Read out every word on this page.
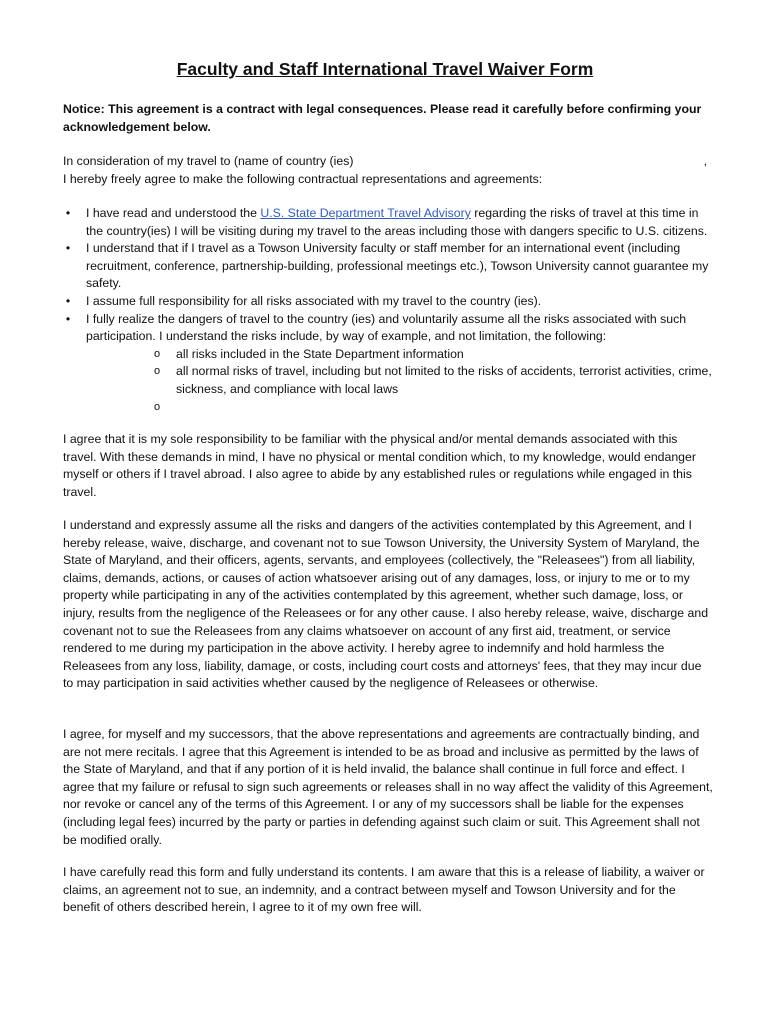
Faculty and Staff International Travel Waiver Form
Notice: This agreement is a contract with legal consequences. Please read it carefully before confirming your acknowledgement below.
In consideration of my travel to (name of country (ies)	,
I hereby freely agree to make the following contractual representations and agreements:
• I have read and understood the U.S. State Department Travel Advisory regarding the risks of travel at this time in the country(ies) I will be visiting during my travel to the areas including those with dangers specific to U.S. citizens.
• I understand that if I travel as a Towson University faculty or staff member for an international event (including recruitment, conference, partnership-building, professional meetings etc.), Towson University cannot guarantee my safety.
• I assume full responsibility for all risks associated with my travel to the country (ies).
• I fully realize the dangers of travel to the country (ies) and voluntarily assume all the risks associated with such participation. I understand the risks include, by way of example, and not limitation, the following:
o all risks included in the State Department information
o all normal risks of travel, including but not limited to the risks of accidents, terrorist activities, crime, sickness, and compliance with local laws
o
I agree that it is my sole responsibility to be familiar with the physical and/or mental demands associated with this travel. With these demands in mind, I have no physical or mental condition which, to my knowledge, would endanger myself or others if I travel abroad. I also agree to abide by any established rules or regulations while engaged in this travel.
I understand and expressly assume all the risks and dangers of the activities contemplated by this Agreement, and I hereby release, waive, discharge, and covenant not to sue Towson University, the University System of Maryland, the State of Maryland, and their officers, agents, servants, and employees (collectively, the "Releasees") from all liability, claims, demands, actions, or causes of action whatsoever arising out of any damages, loss, or injury to me or to my property while participating in any of the activities contemplated by this agreement, whether such damage, loss, or injury, results from the negligence of the Releasees or for any other cause. I also hereby release, waive, discharge and covenant not to sue the Releasees from any claims whatsoever on account of any first aid, treatment, or service rendered to me during my participation in the above activity. I hereby agree to indemnify and hold harmless the Releasees from any loss, liability, damage, or costs, including court costs and attorneys' fees, that they may incur due to may participation in said activities whether caused by the negligence of Releasees or otherwise.
I agree, for myself and my successors, that the above representations and agreements are contractually binding, and are not mere recitals. I agree that this Agreement is intended to be as broad and inclusive as permitted by the laws of the State of Maryland, and that if any portion of it is held invalid, the balance shall continue in full force and effect. I agree that my failure or refusal to sign such agreements or releases shall in no way affect the validity of this Agreement, nor revoke or cancel any of the terms of this Agreement. I or any of my successors shall be liable for the expenses (including legal fees) incurred by the party or parties in defending against such claim or suit. This Agreement shall not be modified orally.
I have carefully read this form and fully understand its contents. I am aware that this is a release of liability, a waiver or claims, an agreement not to sue, an indemnity, and a contract between myself and Towson University and for the benefit of others described herein, I agree to it of my own free will.
